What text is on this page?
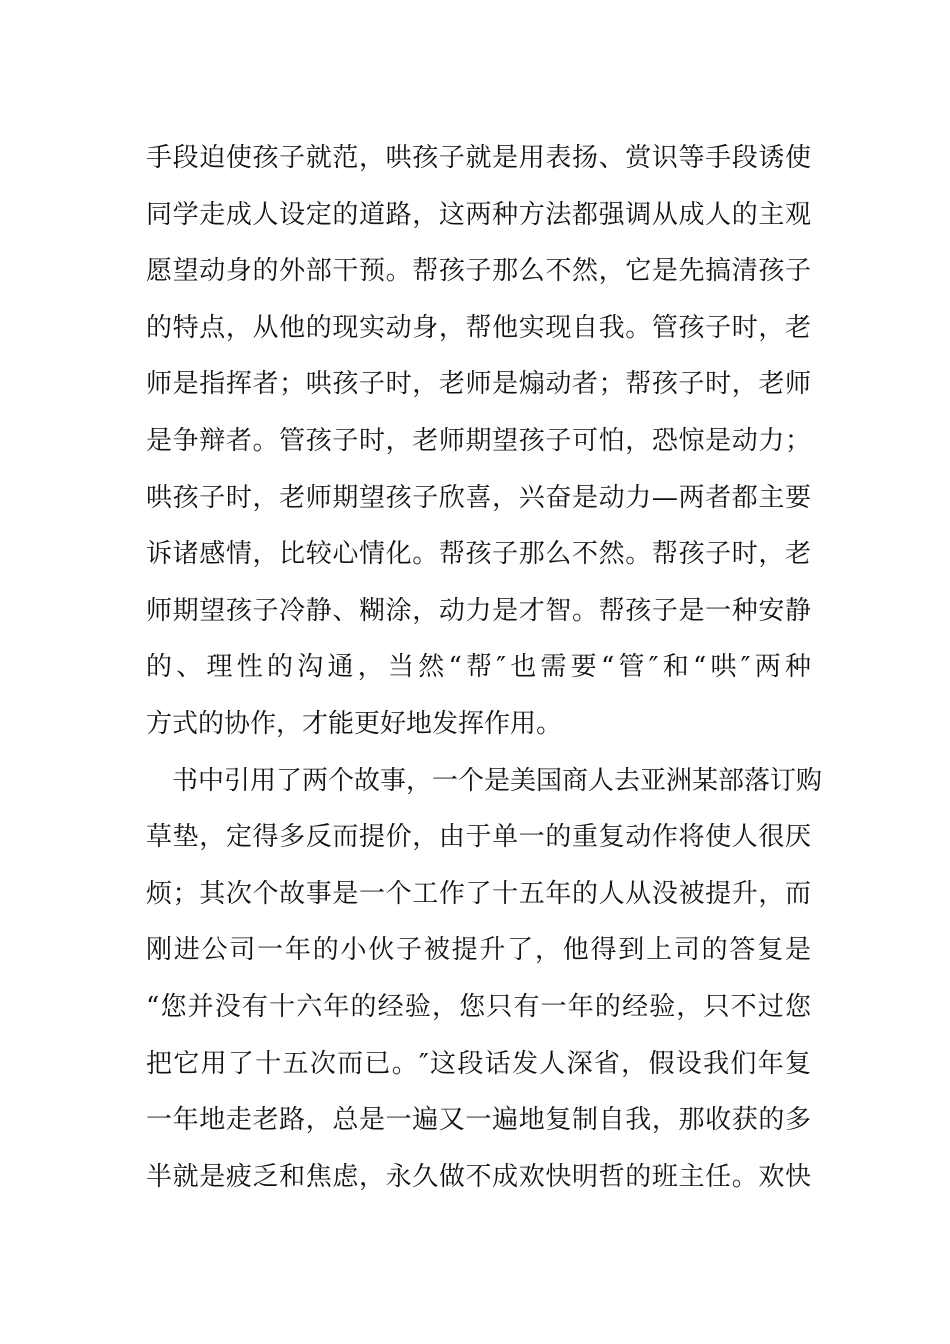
手段迫使孩子就范，哄孩子就是用表扬、赏识等手段诱使
同学走成人设定的道路，这两种方法都强调从成人的主观
愿望动身的外部干预。帮孩子那么不然，它是先搞清孩子
的特点，从他的现实动身，帮他实现自我。管孩子时，老
师是指挥者；哄孩子时，老师是煽动者；帮孩子时，老师
是争辩者。管孩子时，老师期望孩子可怕，恐惊是动力；
哄孩子时，老师期望孩子欣喜，兴奋是动力—两者都主要
诉诸感情，比较心情化。帮孩子那么不然。帮孩子时，老
师期望孩子冷静、糊涂，动力是才智。帮孩子是一种安静
的、理性的沟通，当然“帮″也需要“管″和“哄″两种
方式的协作，才能更好地发挥作用。
书中引用了两个故事，一个是美国商人去亚洲某部落订购
草垫，定得多反而提价，由于单一的重复动作将使人很厌
烦；其次个故事是一个工作了十五年的人从没被提升，而
刚进公司一年的小伙子被提升了，他得到上司的答复是
“您并没有十六年的经验，您只有一年的经验，只不过您
把它用了十五次而已。″这段话发人深省，假设我们年复
一年地走老路，总是一遍又一遍地复制自我，那收获的多
半就是疲乏和焦虑，永久做不成欢快明哲的班主任。欢快
